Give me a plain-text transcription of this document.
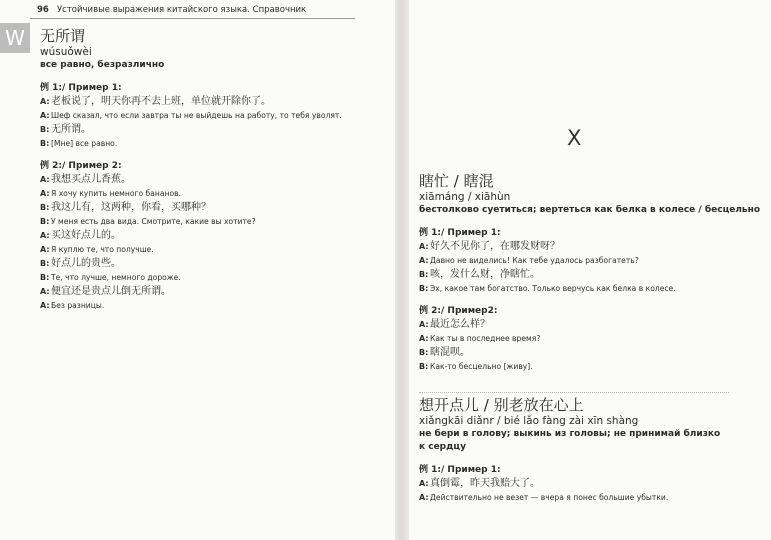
W
96 Устойчивые выражения китайского языка. Справочник
无所谓
wúsuǒwèi
все равно, безразлично
例 1:/ Пример 1:
A: 老板说了，明天你再不去上班，单位就开除你了。
A: Шеф сказал, что если завтра ты не выйдешь на работу, то тебя уволят.
B: 无所谓。
B: [Мне] все равно.
例 2:/ Пример 2:
A: 我想买点儿香蕉。
A: Я хочу купить немного бананов.
B: 我这儿有，这两种，你看，买哪种？
B: У меня есть два вида. Смотрите, какие вы хотите?
A: 买这好点儿的。
A: Я куплю те, что получше.
B: 好点儿的贵些。
B: Те, что лучше, немного дороже.
A: 便宜还是贵点儿倒无所谓。
A: Без разницы.
X
瞎忙 / 瞎混
xiāmáng / xiāhùn
бестолково суетиться; вертеться как белка в колесе / бесцельно
例 1:/ Пример 1:
A: 好久不见你了，在哪发财呀？
A: Давно не виделись! Как тебе удалось разбогатеть?
B: 咳，发什么财，净瞎忙。
B: Эх, какое там богатство. Только верчусь как белка в колесе.
例 2:/ Пример2:
A: 最近怎么样？
A: Как ты в последнее время?
B: 瞎混呗。
B: Как-то бесцельно [живу].
想开点儿 / 别老放在心上
xiǎngkāi diǎnr / bié lǎo fàng zài xīn shàng
не бери в голову; выкинь из головы; не принимай близко
к сердцу
例 1:/ Пример 1:
A: 真倒霉，昨天我赔大了。
A: Действительно не везет — вчера я понес большие убытки.
